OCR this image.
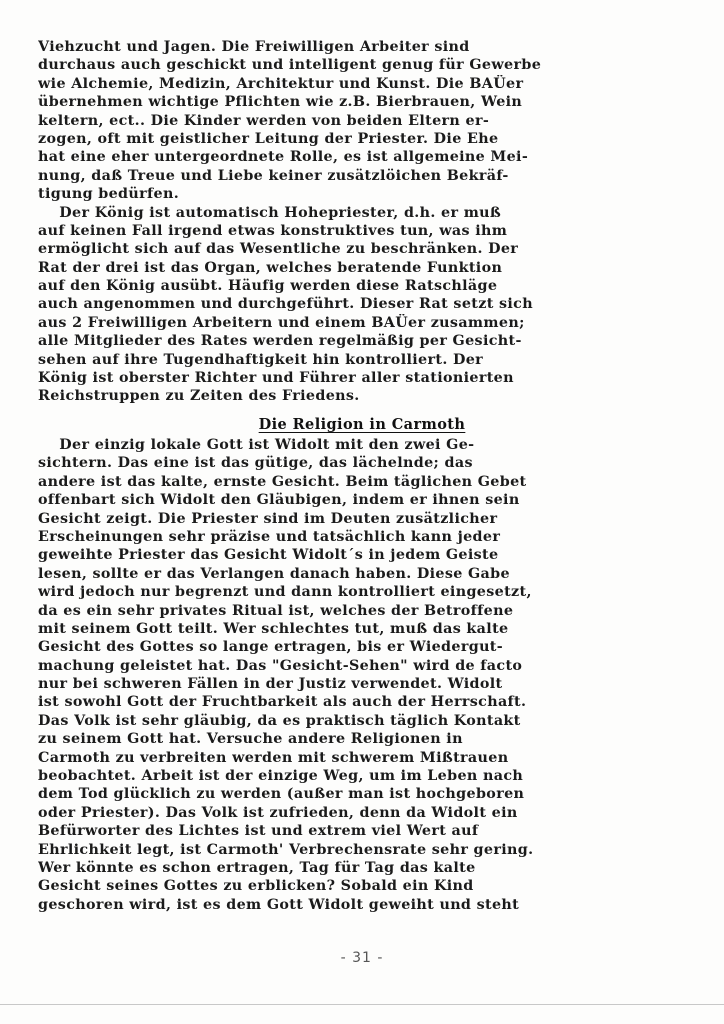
Viehzucht und Jagen. Die Freiwilligen Arbeiter sind
durchaus auch geschickt und intelligent genug für Gewerbe
wie Alchemie, Medizin, Architektur und Kunst. Die BAÜer
übernehmen wichtige Pflichten wie z.B. Bierbrauen, Wein
keltern, ect.. Die Kinder werden von beiden Eltern er-
zogen, oft mit geistlicher Leitung der Priester. Die Ehe
hat eine eher untergeordnete Rolle, es ist allgemeine Mei-
nung, daß Treue und Liebe keiner zusätzlöichen Bekräf-
tigung bedürfen.
Der König ist automatisch Hohepriester, d.h. er muß
auf keinen Fall irgend etwas konstruktives tun, was ihm
ermöglicht sich auf das Wesentliche zu beschränken. Der
Rat der drei ist das Organ, welches beratende Funktion
auf den König ausübt. Häufig werden diese Ratschläge
auch angenommen und durchgeführt. Dieser Rat setzt sich
aus 2 Freiwilligen Arbeitern und einem BAÜer zusammen;
alle Mitglieder des Rates werden regelmäßig per Gesicht-
sehen auf ihre Tugendhaftigkeit hin kontrolliert. Der
König ist oberster Richter und Führer aller stationierten
Reichstruppen zu Zeiten des Friedens.
Die Religion in Carmoth
Der einzig lokale Gott ist Widolt mit den zwei Ge-
sichtern. Das eine ist das gütige, das lächelnde; das
andere ist das kalte, ernste Gesicht. Beim täglichen Gebet
offenbart sich Widolt den Gläubigen, indem er ihnen sein
Gesicht zeigt. Die Priester sind im Deuten zusätzlicher
Erscheinungen sehr präzise und tatsächlich kann jeder
geweihte Priester das Gesicht Widolt´s in jedem Geiste
lesen, sollte er das Verlangen danach haben. Diese Gabe
wird jedoch nur begrenzt und dann kontrolliert eingesetzt,
da es ein sehr privates Ritual ist, welches der Betroffene
mit seinem Gott teilt. Wer schlechtes tut, muß das kalte
Gesicht des Gottes so lange ertragen, bis er Wiedergut-
machung geleistet hat. Das "Gesicht-Sehen" wird de facto
nur bei schweren Fällen in der Justiz verwendet. Widolt
ist sowohl Gott der Fruchtbarkeit als auch der Herrschaft.
Das Volk ist sehr gläubig, da es praktisch täglich Kontakt
zu seinem Gott hat. Versuche andere Religionen in
Carmoth zu verbreiten werden mit schwerem Mißtrauen
beobachtet. Arbeit ist der einzige Weg, um im Leben nach
dem Tod glücklich zu werden (außer man ist hochgeboren
oder Priester). Das Volk ist zufrieden, denn da Widolt ein
Befürworter des Lichtes ist und extrem viel Wert auf
Ehrlichkeit legt, ist Carmoth' Verbrechensrate sehr gering.
Wer könnte es schon ertragen, Tag für Tag das kalte
Gesicht seines Gottes zu erblicken? Sobald ein Kind
geschoren wird, ist es dem Gott Widolt geweiht und steht
- 31 -
